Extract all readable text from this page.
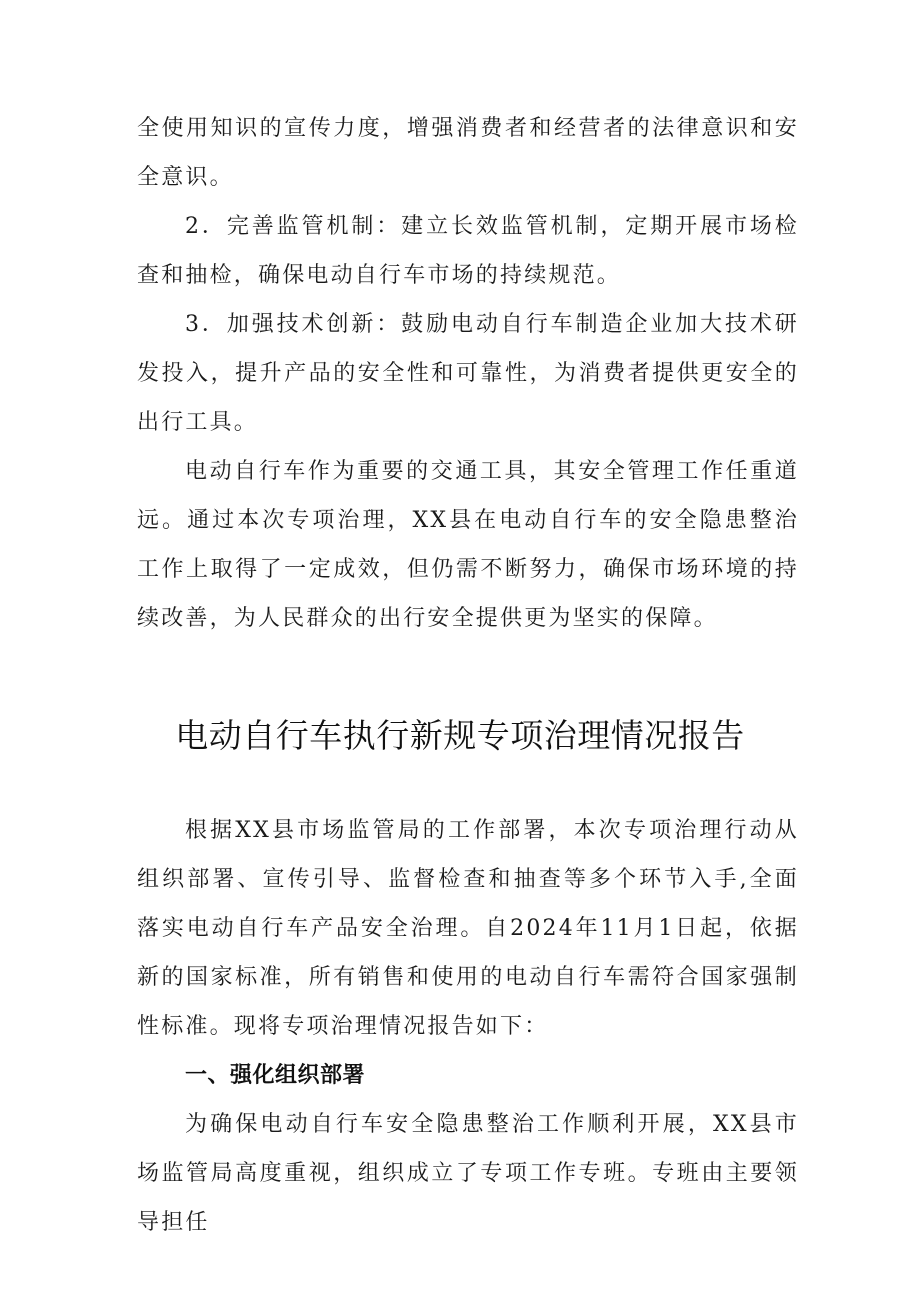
全使用知识的宣传力度，增强消费者和经营者的法律意识和安全意识。

2．完善监管机制：建立长效监管机制，定期开展市场检查和抽检，确保电动自行车市场的持续规范。

3．加强技术创新：鼓励电动自行车制造企业加大技术研发投入，提升产品的安全性和可靠性，为消费者提供更安全的出行工具。

电动自行车作为重要的交通工具，其安全管理工作任重道远。通过本次专项治理，XX县在电动自行车的安全隐患整治工作上取得了一定成效，但仍需不断努力，确保市场环境的持续改善，为人民群众的出行安全提供更为坚实的保障。

电动自行车执行新规专项治理情况报告

根据XX县市场监管局的工作部署，本次专项治理行动从组织部署、宣传引导、监督检查和抽查等多个环节入手,全面落实电动自行车产品安全治理。自2024年11月1日起，依据新的国家标准，所有销售和使用的电动自行车需符合国家强制性标准。现将专项治理情况报告如下：

一、强化组织部署

为确保电动自行车安全隐患整治工作顺利开展，XX县市场监管局高度重视，组织成立了专项工作专班。专班由主要领导担任
